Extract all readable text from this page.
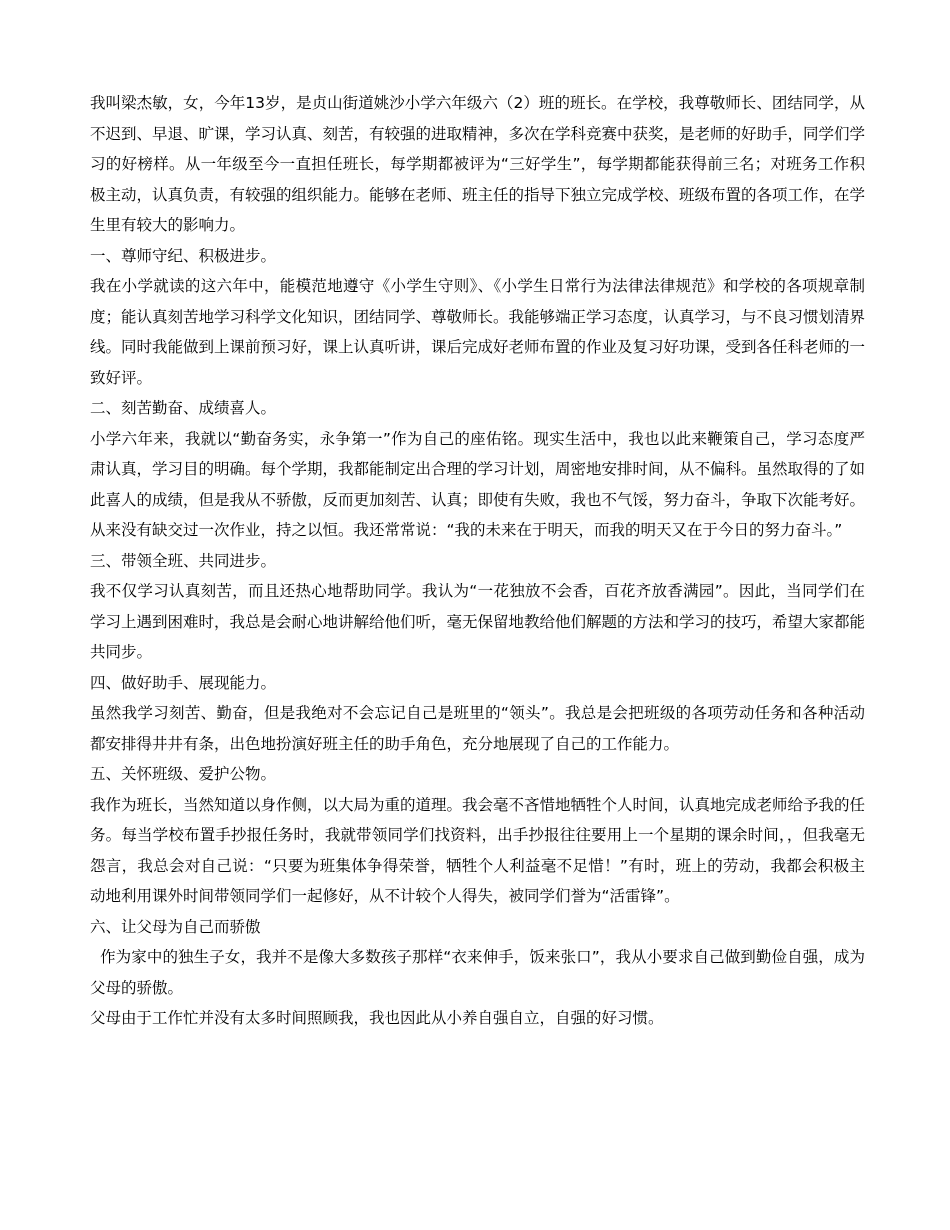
我叫梁杰敏，女，今年13岁，是贞山街道姚沙小学六年级六（2）班的班长。在学校，我尊敬师长、团结同学，从不迟到、早退、旷课，学习认真、刻苦，有较强的进取精神，多次在学科竞赛中获奖，是老师的好助手，同学们学习的好榜样。从一年级至今一直担任班长，每学期都被评为“三好学生”，每学期都能获得前三名；对班务工作积极主动，认真负责，有较强的组织能力。能够在老师、班主任的指导下独立完成学校、班级布置的各项工作，在学生里有较大的影响力。

一、尊师守纪、积极进步。

我在小学就读的这六年中，能模范地遵守《小学生守则》、《小学生日常行为法律法律规范》和学校的各项规章制度；能认真刻苦地学习科学文化知识，团结同学、尊敬师长。我能够端正学习态度，认真学习，与不良习惯划清界线。同时我能做到上课前预习好，课上认真听讲，课后完成好老师布置的作业及复习好功课，受到各任科老师的一致好评。

二、刻苦勤奋、成绩喜人。

小学六年来，我就以“勤奋务实，永争第一”作为自己的座佑铭。现实生活中，我也以此来鞭策自己，学习态度严肃认真，学习目的明确。每个学期，我都能制定出合理的学习计划，周密地安排时间，从不偏科。虽然取得的了如此喜人的成绩，但是我从不骄傲，反而更加刻苦、认真；即使有失败，我也不气馁，努力奋斗，争取下次能考好。从来没有缺交过一次作业，持之以恒。我还常常说：“我的未来在于明天，而我的明天又在于今日的努力奋斗。”

三、带领全班、共同进步。

我不仅学习认真刻苦，而且还热心地帮助同学。我认为“一花独放不会香，百花齐放香满园”。因此，当同学们在学习上遇到困难时，我总是会耐心地讲解给他们听，毫无保留地教给他们解题的方法和学习的技巧，希望大家都能共同步。

四、做好助手、展现能力。

虽然我学习刻苦、勤奋，但是我绝对不会忘记自己是班里的“领头”。我总是会把班级的各项劳动任务和各种活动都安排得井井有条，出色地扮演好班主任的助手角色，充分地展现了自己的工作能力。

五、关怀班级、爱护公物。

我作为班长，当然知道以身作侧，以大局为重的道理。我会毫不吝惜地牺牲个人时间，认真地完成老师给予我的任务。每当学校布置手抄报任务时，我就带领同学们找资料，出手抄报往往要用上一个星期的课余时间，，但我毫无怨言，我总会对自己说：“只要为班集体争得荣誉，牺牲个人利益毫不足惜！”有时，班上的劳动，我都会积极主动地利用课外时间带领同学们一起修好，从不计较个人得失，被同学们誉为“活雷锋”。

六、让父母为自己而骄傲

作为家中的独生子女，我并不是像大多数孩子那样“衣来伸手，饭来张口”，我从小要求自己做到勤俭自强，成为父母的骄傲。

父母由于工作忙并没有太多时间照顾我，我也因此从小养自强自立，自强的好习惯。
